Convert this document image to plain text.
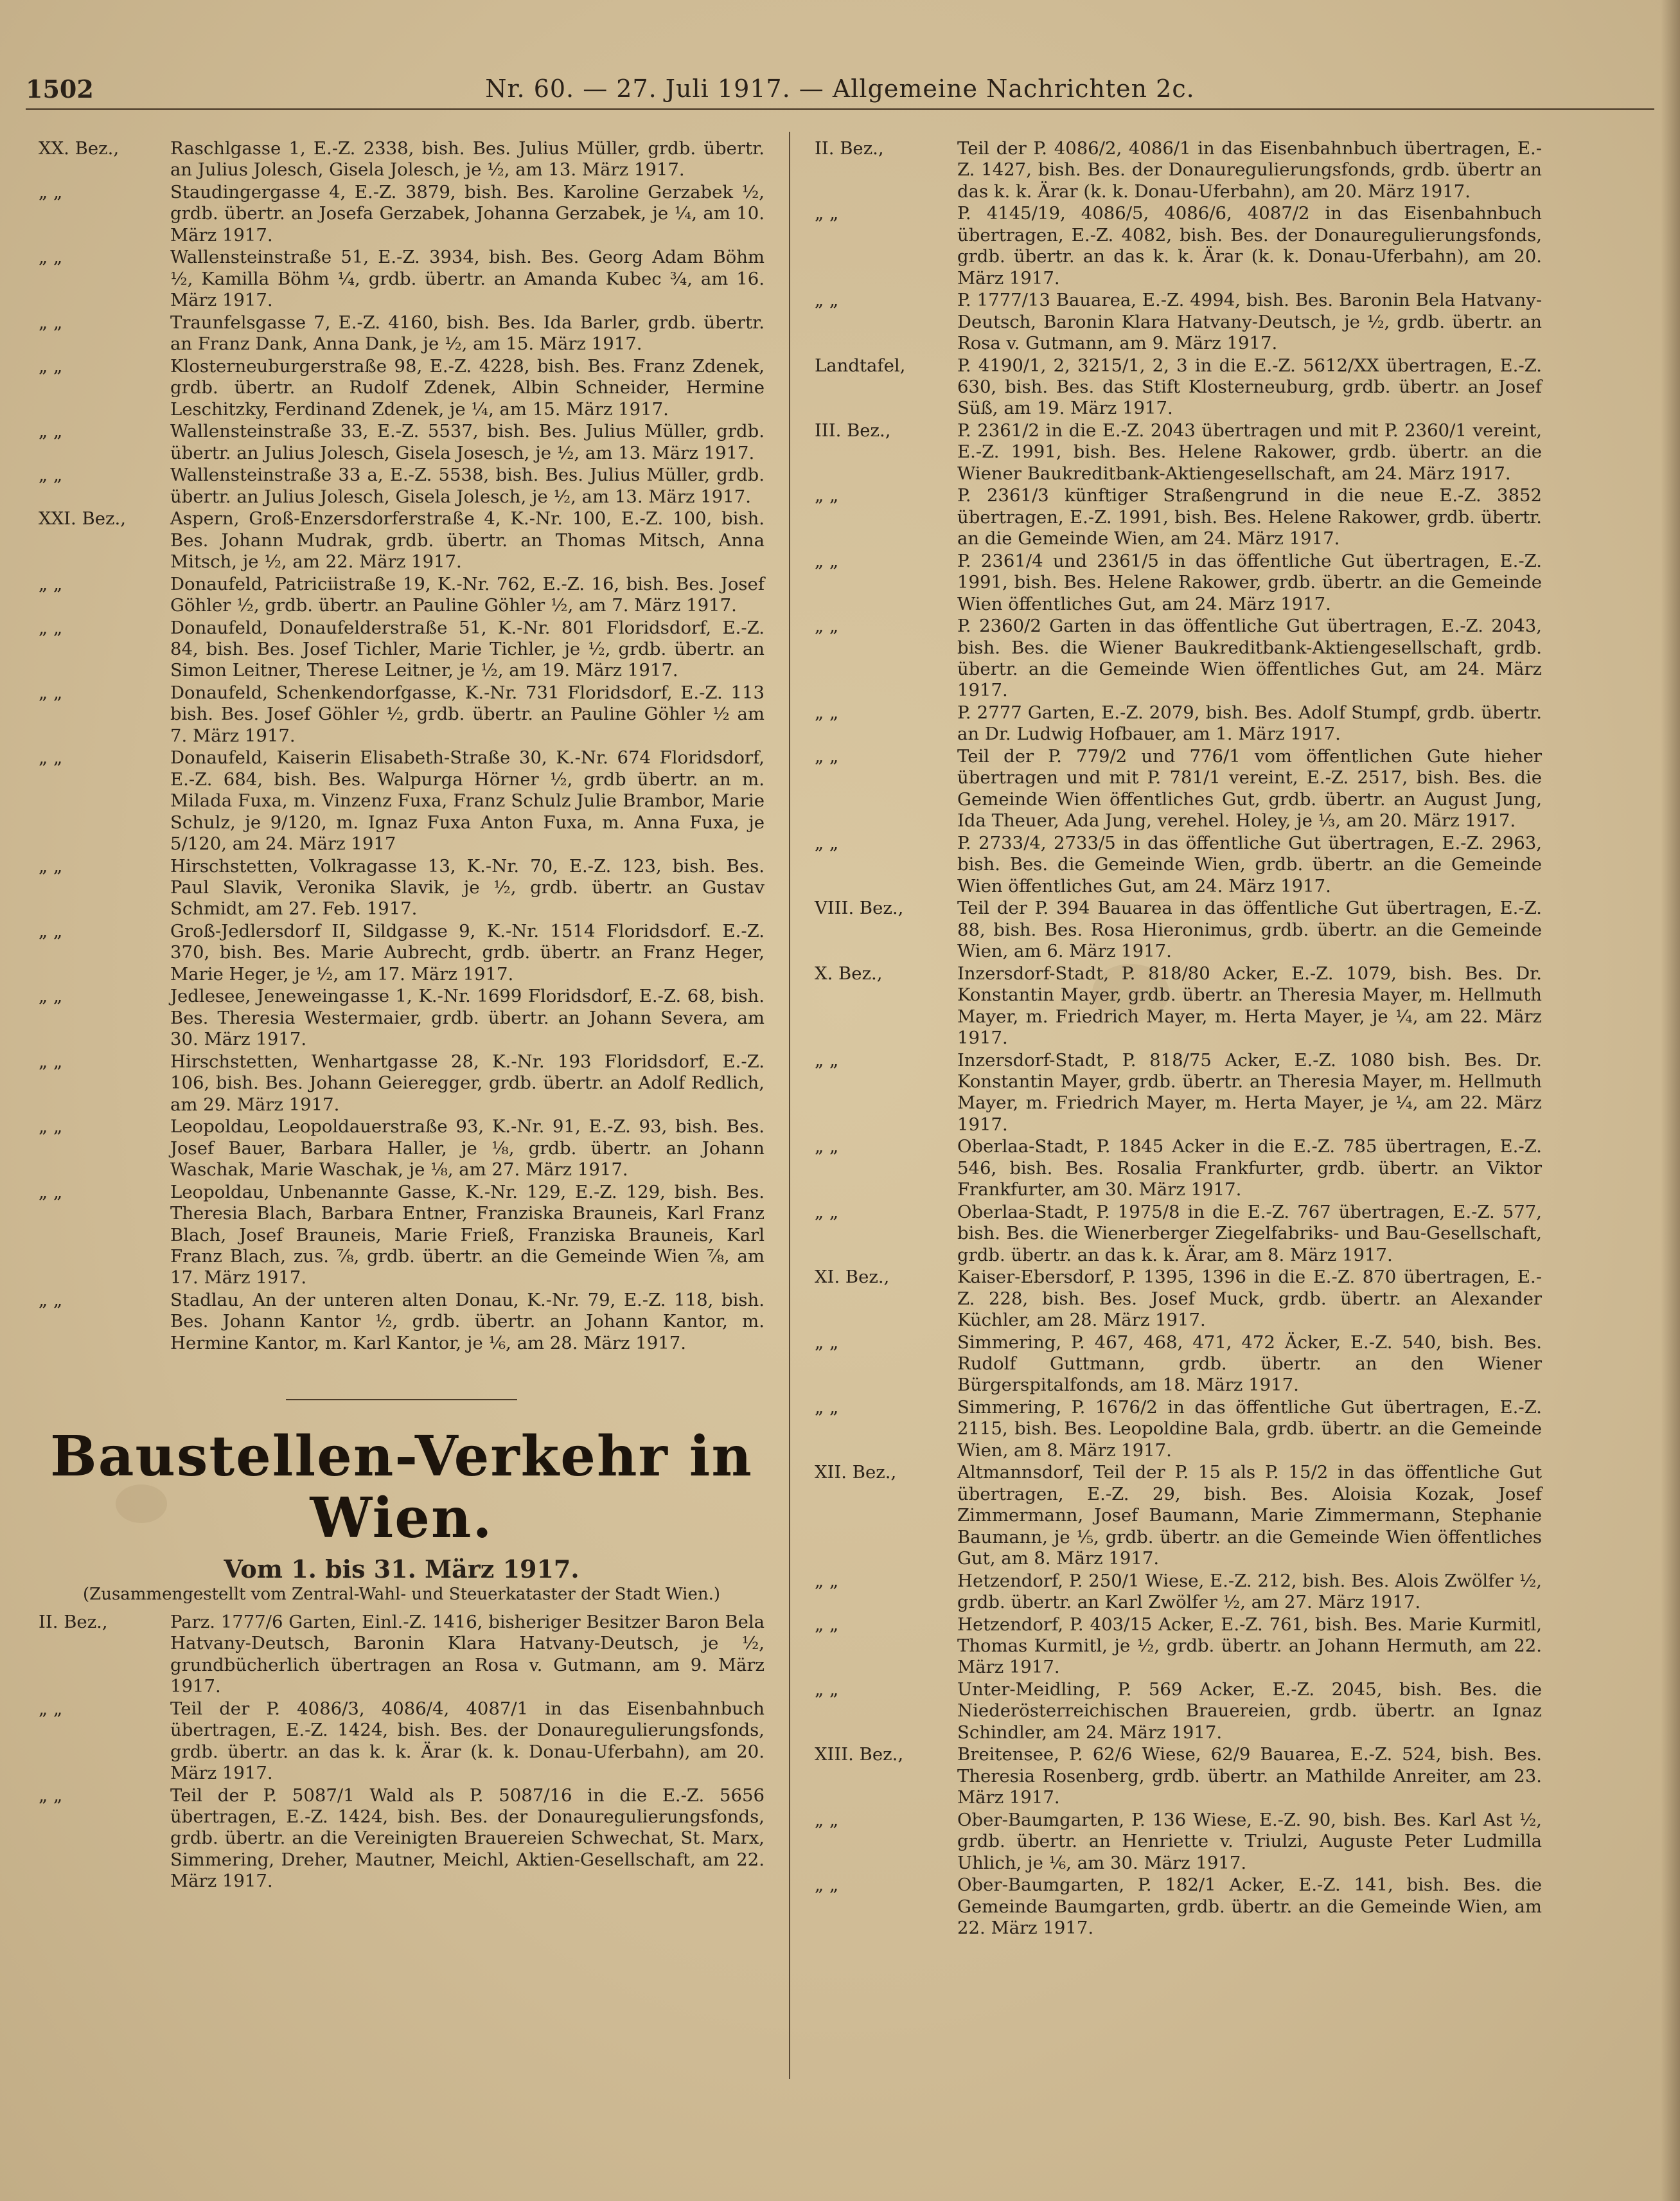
1502	Nr. 60. — 27. Juli 1917. — Allgemeine Nachrichten 2c.

XX. Bez.,	Raschlgasse 1, E.-Z. 2338, bish. Bes. Julius Müller, grdb. übertr. an Julius Jolesch, Gisela Jolesch, je ½, am 13. März 1917.

„ „	Staudingergasse 4, E.-Z. 3879, bish. Bes. Karoline Gerzabek ½, grdb. übertr. an Josefa Gerzabek, Johanna Gerzabek, je ¼, am 10. März 1917.

„ „	Wallensteinstraße 51, E.-Z. 3934, bish. Bes. Georg Adam Böhm ½, Kamilla Böhm ¼, grdb. übertr. an Amanda Kubec ¾, am 16. März 1917.

„ „	Traunfelsgasse 7, E.-Z. 4160, bish. Bes. Ida Barler, grdb. übertr. an Franz Dank, Anna Dank, je ½, am 15. März 1917.

„ „	Klosterneuburgerstraße 98, E.-Z. 4228, bish. Bes. Franz Zdenek, grdb. übertr. an Rudolf Zdenek, Albin Schneider, Hermine Leschitzky, Ferdinand Zdenek, je ¼, am 15. März 1917.

„ „	Wallensteinstraße 33, E.-Z. 5537, bish. Bes. Julius Müller, grdb. übertr. an Julius Jolesch, Gisela Josesch, je ½, am 13. März 1917.

„ „	Wallensteinstraße 33 a, E.-Z. 5538, bish. Bes. Julius Müller, grdb. übertr. an Julius Jolesch, Gisela Jolesch, je ½, am 13. März 1917.

XXI. Bez.,	Aspern, Groß-Enzersdorferstraße 4, K.-Nr. 100, E.-Z. 100, bish. Bes. Johann Mudrak, grdb. übertr. an Thomas Mitsch, Anna Mitsch, je ½, am 22. März 1917.

„ „	Donaufeld, Patriciistraße 19, K.-Nr. 762, E.-Z. 16, bish. Bes. Josef Göhler ½, grdb. übertr. an Pauline Göhler ½, am 7. März 1917.

„ „	Donaufeld, Donaufelderstraße 51, K.-Nr. 801 Floridsdorf, E.-Z. 84, bish. Bes. Josef Tichler, Marie Tichler, je ½, grdb. übertr. an Simon Leitner, Therese Leitner, je ½, am 19. März 1917.

„ „	Donaufeld, Schenkendorfgasse, K.-Nr. 731 Floridsdorf, E.-Z. 113 bish. Bes. Josef Göhler ½, grdb. übertr. an Pauline Göhler ½ am 7. März 1917.

„ „	Donaufeld, Kaiserin Elisabeth-Straße 30, K.-Nr. 674 Floridsdorf, E.-Z. 684, bish. Bes. Walpurga Hörner ½, grdb übertr. an m. Milada Fuxa, m. Vinzenz Fuxa, Franz Schulz Julie Brambor, Marie Schulz, je 9/120, m. Ignaz Fuxa Anton Fuxa, m. Anna Fuxa, je 5/120, am 24. März 1917

„ „	Hirschstetten, Volkragasse 13, K.-Nr. 70, E.-Z. 123, bish. Bes. Paul Slavik, Veronika Slavik, je ½, grdb. übertr. an Gustav Schmidt, am 27. Feb. 1917.

„ „	Groß-Jedlersdorf II, Sildgasse 9, K.-Nr. 1514 Floridsdorf. E.-Z. 370, bish. Bes. Marie Aubrecht, grdb. übertr. an Franz Heger, Marie Heger, je ½, am 17. März 1917.

„ „	Jedlesee, Jeneweingasse 1, K.-Nr. 1699 Floridsdorf, E.-Z. 68, bish. Bes. Theresia Westermaier, grdb. übertr. an Johann Severa, am 30. März 1917.

„ „	Hirschstetten, Wenhartgasse 28, K.-Nr. 193 Floridsdorf, E.-Z. 106, bish. Bes. Johann Geieregger, grdb. übertr. an Adolf Redlich, am 29. März 1917.

„ „	Leopoldau, Leopoldauerstraße 93, K.-Nr. 91, E.-Z. 93, bish. Bes. Josef Bauer, Barbara Haller, je ⅛, grdb. übertr. an Johann Waschak, Marie Waschak, je ⅛, am 27. März 1917.

„ „	Leopoldau, Unbenannte Gasse, K.-Nr. 129, E.-Z. 129, bish. Bes. Theresia Blach, Barbara Entner, Franziska Brauneis, Karl Franz Blach, Josef Brauneis, Marie Frieß, Franziska Brauneis, Karl Franz Blach, zus. ⅞, grdb. übertr. an die Gemeinde Wien ⅞, am 17. März 1917.

„ „	Stadlau, An der unteren alten Donau, K.-Nr. 79, E.-Z. 118, bish. Bes. Johann Kantor ½, grdb. übertr. an Johann Kantor, m. Hermine Kantor, m. Karl Kantor, je ⅙, am 28. März 1917.

Baustellen-Verkehr in Wien.
Vom 1. bis 31. März 1917.
(Zusammengestellt vom Zentral-Wahl- und Steuerkataster der Stadt Wien.)

II. Bez.,	Parz. 1777/6 Garten, Einl.-Z. 1416, bisheriger Besitzer Baron Bela Hatvany-Deutsch, Baronin Klara Hatvany-Deutsch, je ½, grundbücherlich übertragen an Rosa v. Gutmann, am 9. März 1917.

„ „	Teil der P. 4086/3, 4086/4, 4087/1 in das Eisenbahnbuch übertragen, E.-Z. 1424, bish. Bes. der Donauregulierungsfonds, grdb. übertr. an das k. k. Ärar (k. k. Donau-Uferbahn), am 20. März 1917.

„ „	Teil der P. 5087/1 Wald als P. 5087/16 in die E.-Z. 5656 übertragen, E.-Z. 1424, bish. Bes. der Donauregulierungsfonds, grdb. übertr. an die Vereinigten Brauereien Schwechat, St. Marx, Simmering, Dreher, Mautner, Meichl, Aktien-Gesellschaft, am 22. März 1917.

II. Bez.,	Teil der P. 4086/2, 4086/1 in das Eisenbahnbuch übertragen, E.-Z. 1427, bish. Bes. der Donauregulierungsfonds, grdb. übertr an das k. k. Ärar (k. k. Donau-Uferbahn), am 20. März 1917.

„ „	P. 4145/19, 4086/5, 4086/6, 4087/2 in das Eisenbahnbuch übertragen, E.-Z. 4082, bish. Bes. der Donauregulierungsfonds, grdb. übertr. an das k. k. Ärar (k. k. Donau-Uferbahn), am 20. März 1917.

„ „	P. 1777/13 Bauarea, E.-Z. 4994, bish. Bes. Baronin Bela Hatvany-Deutsch, Baronin Klara Hatvany-Deutsch, je ½, grdb. übertr. an Rosa v. Gutmann, am 9. März 1917.

Landtafel,	P. 4190/1, 2, 3215/1, 2, 3 in die E.-Z. 5612/XX übertragen, E.-Z. 630, bish. Bes. das Stift Klosterneuburg, grdb. übertr. an Josef Süß, am 19. März 1917.

III. Bez.,	P. 2361/2 in die E.-Z. 2043 übertragen und mit P. 2360/1 vereint, E.-Z. 1991, bish. Bes. Helene Rakower, grdb. übertr. an die Wiener Baukreditbank-Aktiengesellschaft, am 24. März 1917.

„ „	P. 2361/3 künftiger Straßengrund in die neue E.-Z. 3852 übertragen, E.-Z. 1991, bish. Bes. Helene Rakower, grdb. übertr. an die Gemeinde Wien, am 24. März 1917.

„ „	P. 2361/4 und 2361/5 in das öffentliche Gut übertragen, E.-Z. 1991, bish. Bes. Helene Rakower, grdb. übertr. an die Gemeinde Wien öffentliches Gut, am 24. März 1917.

„ „	P. 2360/2 Garten in das öffentliche Gut übertragen, E.-Z. 2043, bish. Bes. die Wiener Baukreditbank-Aktiengesellschaft, grdb. übertr. an die Gemeinde Wien öffentliches Gut, am 24. März 1917.

„ „	P. 2777 Garten, E.-Z. 2079, bish. Bes. Adolf Stumpf, grdb. übertr. an Dr. Ludwig Hofbauer, am 1. März 1917.

„ „	Teil der P. 779/2 und 776/1 vom öffentlichen Gute hieher übertragen und mit P. 781/1 vereint, E.-Z. 2517, bish. Bes. die Gemeinde Wien öffentliches Gut, grdb. übertr. an August Jung, Ida Theuer, Ada Jung, verehel. Holey, je ⅓, am 20. März 1917.

„ „	P. 2733/4, 2733/5 in das öffentliche Gut übertragen, E.-Z. 2963, bish. Bes. die Gemeinde Wien, grdb. übertr. an die Gemeinde Wien öffentliches Gut, am 24. März 1917.

VIII. Bez.,	Teil der P. 394 Bauarea in das öffentliche Gut übertragen, E.-Z. 88, bish. Bes. Rosa Hieronimus, grdb. übertr. an die Gemeinde Wien, am 6. März 1917.

X. Bez.,	Inzersdorf-Stadt, P. 818/80 Acker, E.-Z. 1079, bish. Bes. Dr. Konstantin Mayer, grdb. übertr. an Theresia Mayer, m. Hellmuth Mayer, m. Friedrich Mayer, m. Herta Mayer, je ¼, am 22. März 1917.

„ „	Inzersdorf-Stadt, P. 818/75 Acker, E.-Z. 1080 bish. Bes. Dr. Konstantin Mayer, grdb. übertr. an Theresia Mayer, m. Hellmuth Mayer, m. Friedrich Mayer, m. Herta Mayer, je ¼, am 22. März 1917.

„ „	Oberlaa-Stadt, P. 1845 Acker in die E.-Z. 785 übertragen, E.-Z. 546, bish. Bes. Rosalia Frankfurter, grdb. übertr. an Viktor Frankfurter, am 30. März 1917.

„ „	Oberlaa-Stadt, P. 1975/8 in die E.-Z. 767 übertragen, E.-Z. 577, bish. Bes. die Wienerberger Ziegelfabriks- und Bau-Gesellschaft, grdb. übertr. an das k. k. Ärar, am 8. März 1917.

XI. Bez.,	Kaiser-Ebersdorf, P. 1395, 1396 in die E.-Z. 870 übertragen, E.-Z. 228, bish. Bes. Josef Muck, grdb. übertr. an Alexander Küchler, am 28. März 1917.

„ „	Simmering, P. 467, 468, 471, 472 Äcker, E.-Z. 540, bish. Bes. Rudolf Guttmann, grdb. übertr. an den Wiener Bürgerspitalfonds, am 18. März 1917.

„ „	Simmering, P. 1676/2 in das öffentliche Gut übertragen, E.-Z. 2115, bish. Bes. Leopoldine Bala, grdb. übertr. an die Gemeinde Wien, am 8. März 1917.

XII. Bez.,	Altmannsdorf, Teil der P. 15 als P. 15/2 in das öffentliche Gut übertragen, E.-Z. 29, bish. Bes. Aloisia Kozak, Josef Zimmermann, Josef Baumann, Marie Zimmermann, Stephanie Baumann, je ⅕, grdb. übertr. an die Gemeinde Wien öffentliches Gut, am 8. März 1917.

„ „	Hetzendorf, P. 250/1 Wiese, E.-Z. 212, bish. Bes. Alois Zwölfer ½, grdb. übertr. an Karl Zwölfer ½, am 27. März 1917.

„ „	Hetzendorf, P. 403/15 Acker, E.-Z. 761, bish. Bes. Marie Kurmitl, Thomas Kurmitl, je ½, grdb. übertr. an Johann Hermuth, am 22. März 1917.

„ „	Unter-Meidling, P. 569 Acker, E.-Z. 2045, bish. Bes. die Niederösterreichischen Brauereien, grdb. übertr. an Ignaz Schindler, am 24. März 1917.

XIII. Bez.,	Breitensee, P. 62/6 Wiese, 62/9 Bauarea, E.-Z. 524, bish. Bes. Theresia Rosenberg, grdb. übertr. an Mathilde Anreiter, am 23. März 1917.

„ „	Ober-Baumgarten, P. 136 Wiese, E.-Z. 90, bish. Bes. Karl Ast ½, grdb. übertr. an Henriette v. Triulzi, Auguste Peter Ludmilla Uhlich, je ⅙, am 30. März 1917.

„ „	Ober-Baumgarten, P. 182/1 Acker, E.-Z. 141, bish. Bes. die Gemeinde Baumgarten, grdb. übertr. an die Gemeinde Wien, am 22. März 1917.
